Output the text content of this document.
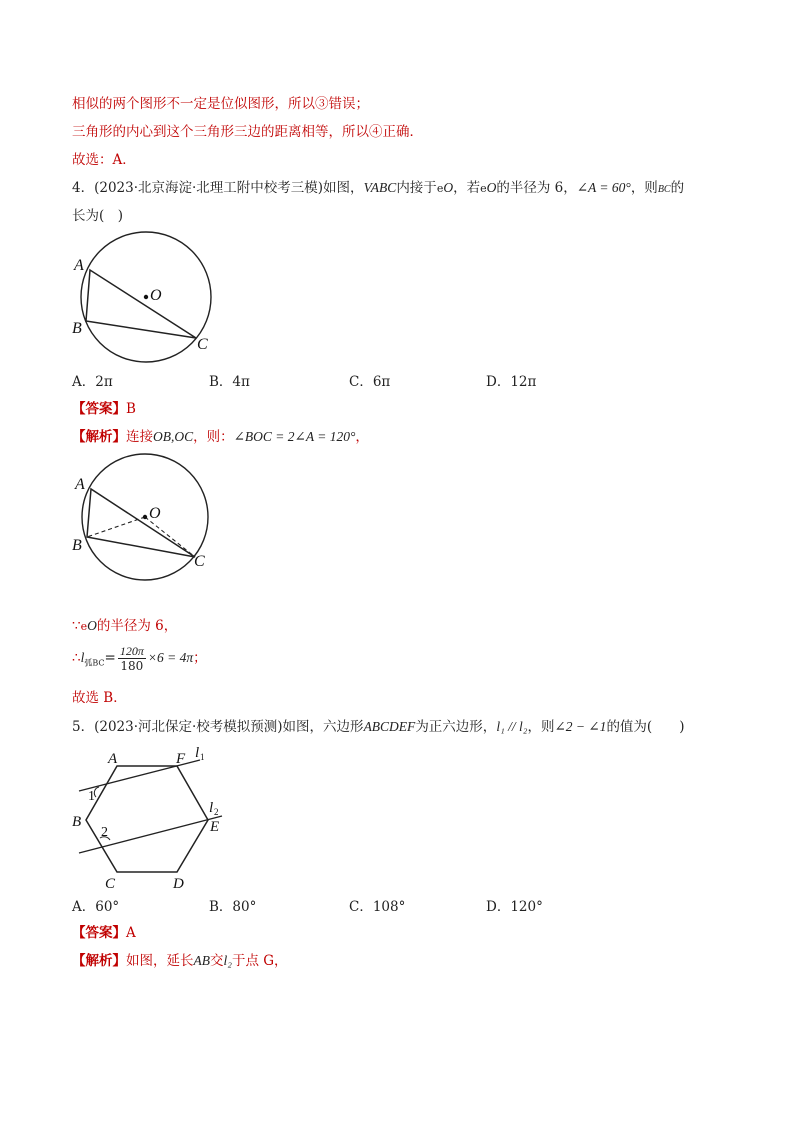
相似的两个图形不一定是位似图形，所以③错误；
三角形的内心到这个三角形三边的距离相等，所以④正确．
故选：A．
4．(2023·北京海淀·北理工附中校考三模)如图，VABC内接于eO，若eO的半径为 6，∠A = 60°，则BC的
长为(　)
A
B
C
O
A．2π	B．4π	C．6π	D．12π
【答案】B
【解析】连接OB,OC，则：∠BOC = 2∠A = 120°，
A
B
C
O
∵eO的半径为 6，
$\therefore l_{弧BC}= \frac{120\pi}{180} \times 6 = 4\pi$；
故选 B．
5．(2023·河北保定·校考模拟预测)如图，六边形ABCDEF为正六边形，l₁ // l₂，则∠2 − ∠1的值为(　　)
A	F
B	E
C	D
l 1
l 2
1
2
A．60°	B．80°	C．108°	D．120°
【答案】A
【解析】如图，延长AB交l₂于点 G，
